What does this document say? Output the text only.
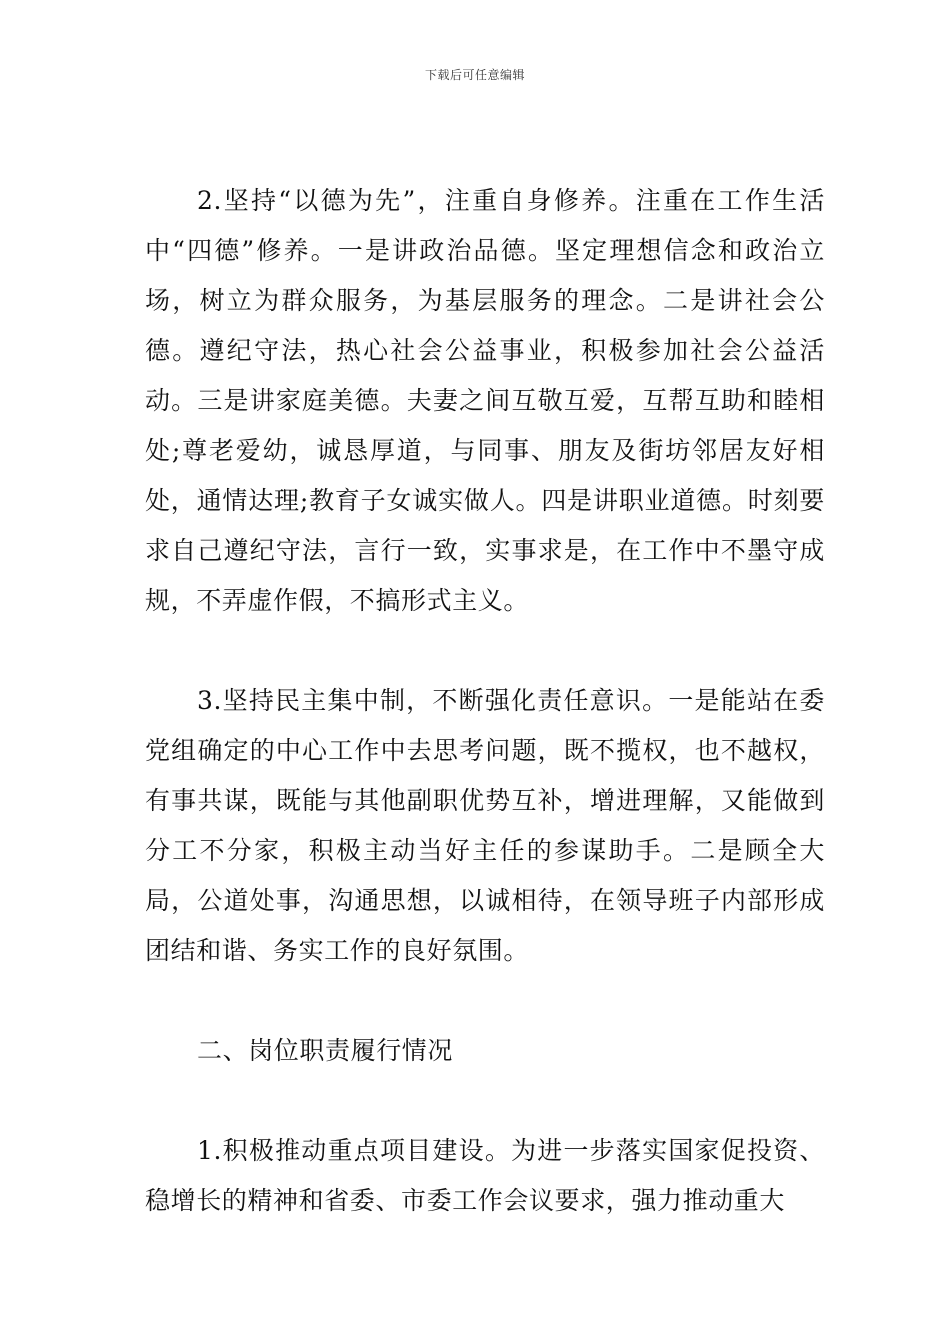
下载后可任意编辑

2.坚持“以德为先”，注重自身修养。注重在工作生活中“四德”修养。一是讲政治品德。坚定理想信念和政治立场，树立为群众服务，为基层服务的理念。二是讲社会公德。遵纪守法，热心社会公益事业，积极参加社会公益活动。三是讲家庭美德。夫妻之间互敬互爱，互帮互助和睦相处;尊老爱幼，诚恳厚道，与同事、朋友及街坊邻居友好相处，通情达理;教育子女诚实做人。四是讲职业道德。时刻要求自己遵纪守法，言行一致，实事求是，在工作中不墨守成规，不弄虚作假，不搞形式主义。

3.坚持民主集中制，不断强化责任意识。一是能站在委党组确定的中心工作中去思考问题，既不揽权，也不越权，有事共谋，既能与其他副职优势互补，增进理解，又能做到分工不分家，积极主动当好主任的参谋助手。二是顾全大局，公道处事，沟通思想，以诚相待，在领导班子内部形成团结和谐、务实工作的良好氛围。

二、岗位职责履行情况

1.积极推动重点项目建设。为进一步落实国家促投资、稳增长的精神和省委、市委工作会议要求，强力推动重大
